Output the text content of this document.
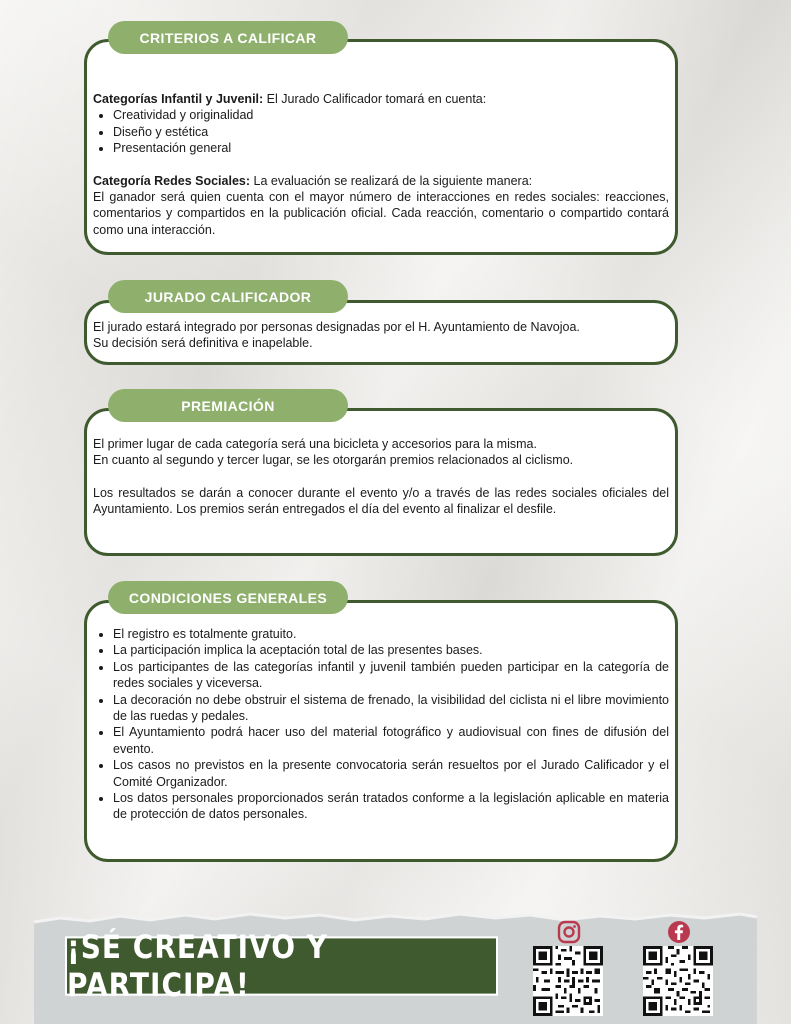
CRITERIOS A CALIFICAR

Categorías Infantil y Juvenil: El Jurado Calificador tomará en cuenta:

• Creatividad y originalidad
• Diseño y estética
• Presentación general

Categoría Redes Sociales: La evaluación se realizará de la siguiente manera:

El ganador será quien cuenta con el mayor número de interacciones en redes sociales: reacciones, comentarios y compartidos en la publicación oficial. Cada reacción, comentario o compartido contará como una interacción.

JURADO CALIFICADOR

El jurado estará integrado por personas designadas por el H. Ayuntamiento de Navojoa.

Su decisión será definitiva e inapelable.

PREMIACIÓN

El primer lugar de cada categoría será una bicicleta y accesorios para la misma.

En cuanto al segundo y tercer lugar, se les otorgarán premios relacionados al ciclismo.

Los resultados se darán a conocer durante el evento y/o a través de las redes sociales oficiales del Ayuntamiento. Los premios serán entregados el día del evento al finalizar el desfile.

CONDICIONES GENERALES
• El registro es totalmente gratuito.
• La participación implica la aceptación total de las presentes bases.
• Los participantes de las categorías infantil y juvenil también pueden participar en la categoría de redes sociales y viceversa.
• La decoración no debe obstruir el sistema de frenado, la visibilidad del ciclista ni el libre movimiento de las ruedas y pedales.
• El Ayuntamiento podrá hacer uso del material fotográfico y audiovisual con fines de difusión del evento.
• Los casos no previstos en la presente convocatoria serán resueltos por el Jurado Calificador y el Comité Organizador.
• Los datos personales proporcionados serán tratados conforme a la legislación aplicable en materia de protección de datos personales.
¡SÉ CREATIVO Y PARTICIPA!
